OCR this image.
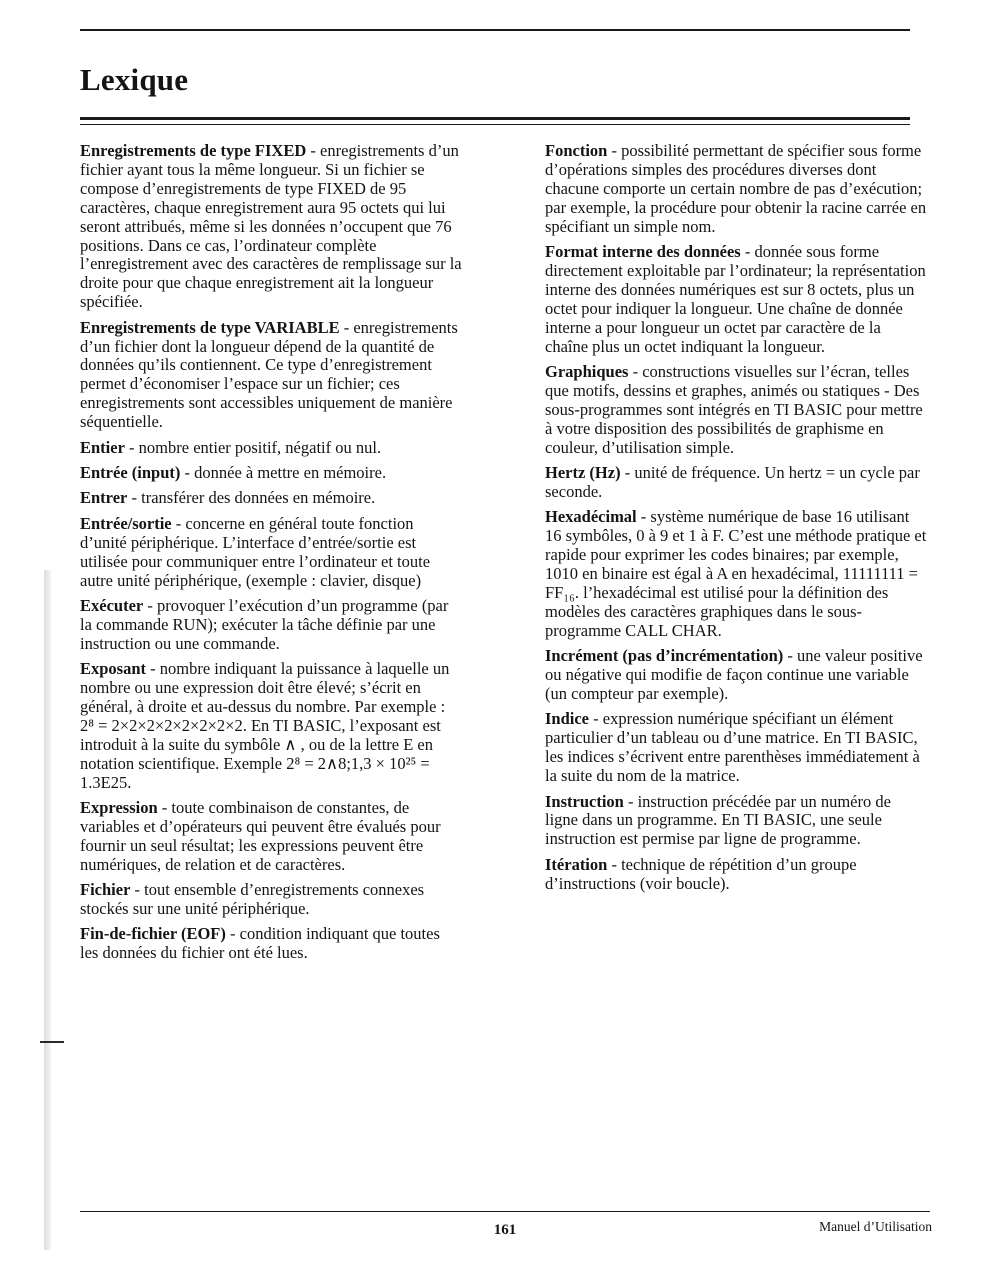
Lexique

Enregistrements de type FIXED - enregistrements d’un fichier ayant tous la même longueur. Si un fichier se compose d’enregistrements de type FIXED de 95 caractères, chaque enregistrement aura 95 octets qui lui seront attribués, même si les données n’occupent que 76 positions. Dans ce cas, l’ordinateur complète l’enregistrement avec des caractères de remplissage sur la droite pour que chaque enregistrement ait la longueur spécifiée.

Enregistrements de type VARIABLE - enregistrements d’un fichier dont la longueur dépend de la quantité de données qu’ils contiennent. Ce type d’enregistrement permet d’économiser l’espace sur un fichier; ces enregistrements sont accessibles uniquement de manière séquentielle.

Entier - nombre entier positif, négatif ou nul.

Entrée (input) - donnée à mettre en mémoire.

Entrer - transférer des données en mémoire.

Entrée/sortie - concerne en général toute fonction d’unité périphérique. L’interface d’entrée/sortie est utilisée pour communiquer entre l’ordinateur et toute autre unité périphérique, (exemple : clavier, disque)

Exécuter - provoquer l’exécution d’un programme (par la commande RUN); exécuter la tâche définie par une instruction ou une commande.

Exposant - nombre indiquant la puissance à laquelle un nombre ou une expression doit être élevé; s’écrit en général, à droite et au-dessus du nombre. Par exemple : 2⁸ = 2×2×2×2×2×2×2×2. En TI BASIC, l’exposant est introduit à la suite du symbôle ∧ , ou de la lettre E en notation scientifique. Exemple 2⁸ = 2∧8;1,3 × 10²⁵ = 1.3E25.

Expression - toute combinaison de constantes, de variables et d’opérateurs qui peuvent être évalués pour fournir un seul résultat; les expressions peuvent être numériques, de relation et de caractères.

Fichier - tout ensemble d’enregistrements connexes stockés sur une unité périphérique.

Fin-de-fichier (EOF) - condition indiquant que toutes les données du fichier ont été lues.

Fonction - possibilité permettant de spécifier sous forme d’opérations simples des procédures diverses dont chacune comporte un certain nombre de pas d’exécution; par exemple, la procédure pour obtenir la racine carrée en spécifiant un simple nom.

Format interne des données - donnée sous forme directement exploitable par l’ordinateur; la représentation interne des données numériques est sur 8 octets, plus un octet pour indiquer la longueur. Une chaîne de donnée interne a pour longueur un octet par caractère de la chaîne plus un octet indiquant la longueur.

Graphiques - constructions visuelles sur l’écran, telles que motifs, dessins et graphes, animés ou statiques - Des sous-programmes sont intégrés en TI BASIC pour mettre à votre disposition des possibilités de graphisme en couleur, d’utilisation simple.

Hertz (Hz) - unité de fréquence. Un hertz = un cycle par seconde.

Hexadécimal - système numérique de base 16 utilisant 16 symbôles, 0 à 9 et 1 à F. C’est une méthode pratique et rapide pour exprimer les codes binaires; par exemple, 1010 en binaire est égal à A en hexadécimal, 11111111 = FF₁₆. l’hexadécimal est utilisé pour la définition des modèles des caractères graphiques dans le sous-programme CALL CHAR.

Incrément (pas d’incrémentation) - une valeur positive ou négative qui modifie de façon continue une variable (un compteur par exemple).

Indice - expression numérique spécifiant un élément particulier d’un tableau ou d’une matrice. En TI BASIC, les indices s’écrivent entre parenthèses immédiatement à la suite du nom de la matrice.

Instruction - instruction précédée par un numéro de ligne dans un programme. En TI BASIC, une seule instruction est permise par ligne de programme.

Itération - technique de répétition d’un groupe d’instructions (voir boucle).

161	Manuel d’Utilisation
